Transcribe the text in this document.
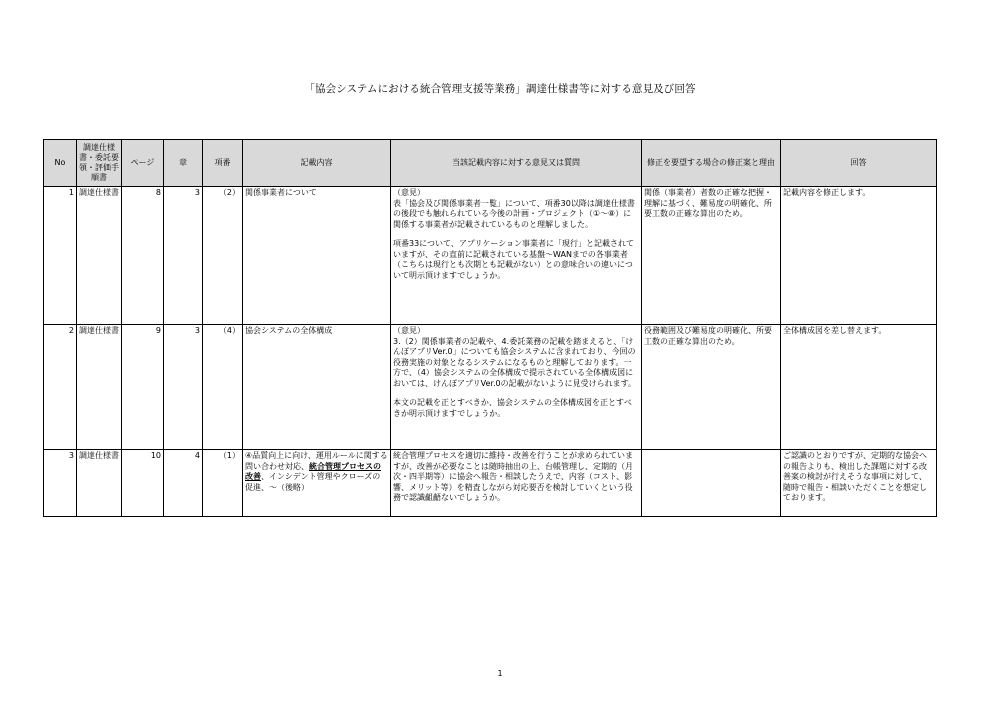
「協会システムにおける統合管理支援等業務」調達仕様書等に対する意見及び回答
No	調達仕様書・委託要領・評価手順書	ページ	章	項番	記載内容	当該記載内容に対する意見又は質問	修正を要望する場合の修正案と理由	回答
1	調達仕様書	8	3	（2）	関係事業者について	（意見）
表「協会及び関係事業者一覧」について、項番30以降は調達仕様書の後段でも触れられている今後の計画・プロジェクト（①～⑧）に関係する事業者が記載されているものと理解しました。
項番33について、アプリケーション事業者に「現行」と記載されていますが、その直前に記載されている基盤～WANまでの各事業者（こちらは現行とも次期とも記載がない）との意味合いの違いについて明示頂けますでしょうか。	関係（事業者）者数の正確な把握・理解に基づく、難易度の明確化、所要工数の正確な算出のため。	記載内容を修正します。
2	調達仕様書	9	3	（4）	協会システムの全体構成	（意見）
3.（2）関係事業者の記載や、4.委託業務の記載を踏まえると、「けんぽアプリVer.0」についても協会システムに含まれており、今回の役務実施の対象となるシステムになるものと理解しております。一方で、（4）協会システムの全体構成で提示されている全体構成図においては、けんぽアプリVer.0の記載がないように見受けられます。
本文の記載を正とすべきか、協会システムの全体構成図を正とすべきか明示頂けますでしょうか。	役務範囲及び難易度の明確化、所要工数の正確な算出のため。	全体構成図を差し替えます。
3	調達仕様書	10	4	（1）	④品質向上に向け、運用ルールに関する問い合わせ対応、統合管理プロセスの改善、インシデント管理やクローズの促進、～（後略）	統合管理プロセスを適切に維持・改善を行うことが求められていますが、改善が必要なことは随時抽出の上、台帳管理し、定期的（月次・四半期等）に協会へ報告・相談したうえで、内容（コスト、影響、メリット等）を精査しながら対応要否を検討していくという役務で認識齟齬ないでしょうか。		ご認識のとおりですが、定期的な協会への報告よりも、検出した課題に対する改善案の検討が行えそうな事項に対して、随時で報告・相談いただくことを想定しております。
1
